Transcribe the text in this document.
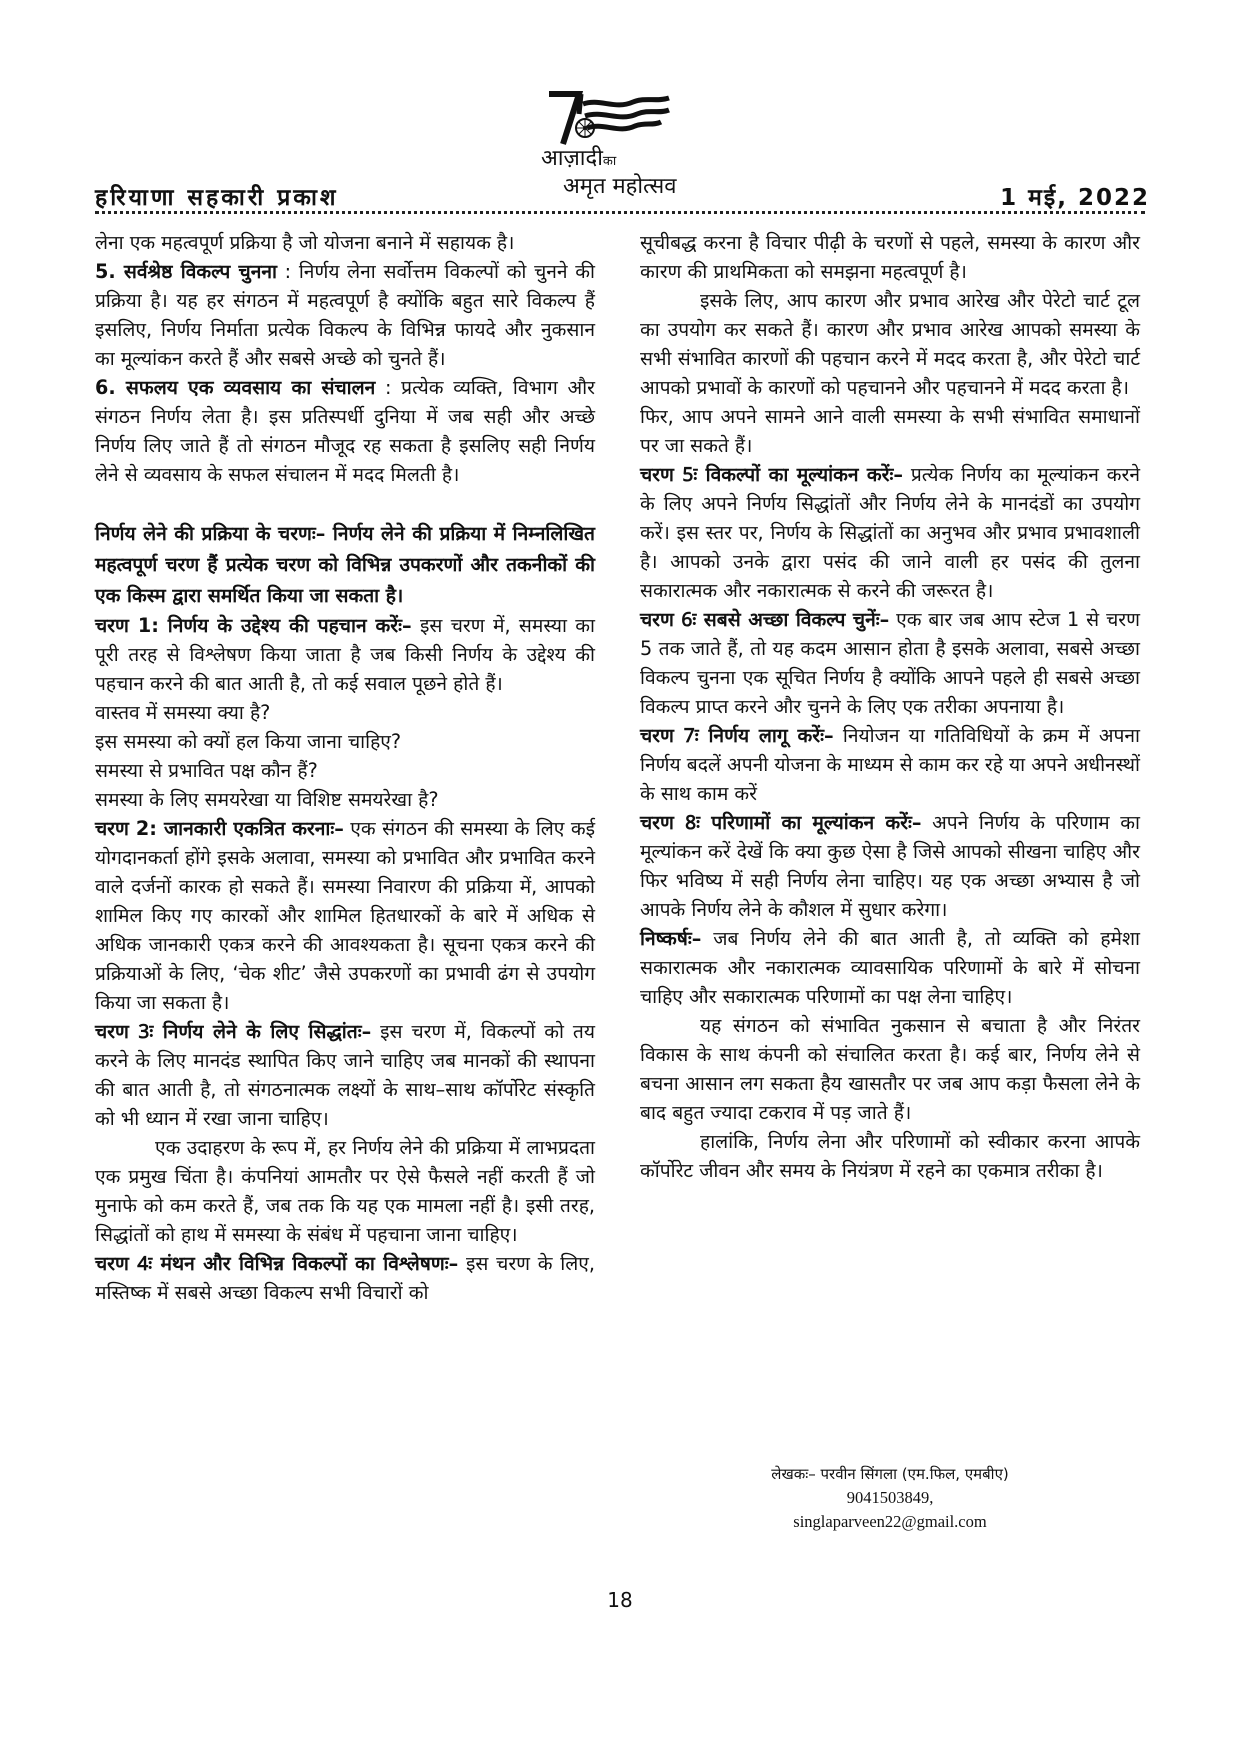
हरियाणा सहकारी प्रकाश
आज़ादीका
अमृत महोत्सव	1 मई, 2022

लेना एक महत्वपूर्ण प्रक्रिया है जो योजना बनाने में सहायक है।

5. सर्वश्रेष्ठ विकल्प चुनना : निर्णय लेना सर्वोत्तम विकल्पों को चुनने की प्रक्रिया है। यह हर संगठन में महत्वपूर्ण है क्योंकि बहुत सारे विकल्प हैं इसलिए, निर्णय निर्माता प्रत्येक विकल्प के विभिन्न फायदे और नुकसान का मूल्यांकन करते हैं और सबसे अच्छे को चुनते हैं।

6. सफलय एक व्यवसाय का संचालन : प्रत्येक व्यक्ति, विभाग और संगठन निर्णय लेता है। इस प्रतिस्पर्धी दुनिया में जब सही और अच्छे निर्णय लिए जाते हैं तो संगठन मौजूद रह सकता है इसलिए सही निर्णय लेने से व्यवसाय के सफल संचालन में मदद मिलती है।

निर्णय लेने की प्रक्रिया के चरणः– निर्णय लेने की प्रक्रिया में निम्नलिखित महत्वपूर्ण चरण हैं प्रत्येक चरण को विभिन्न उपकरणों और तकनीकों की एक किस्म द्वारा समर्थित किया जा सकता है।

चरण 1: निर्णय के उद्देश्य की पहचान करेंः– इस चरण में, समस्या का पूरी तरह से विश्लेषण किया जाता है जब किसी निर्णय के उद्देश्य की पहचान करने की बात आती है, तो कई सवाल पूछने होते हैं।

वास्तव में समस्या क्या है?

इस समस्या को क्यों हल किया जाना चाहिए?

समस्या से प्रभावित पक्ष कौन हैं?

समस्या के लिए समयरेखा या विशिष्ट समयरेखा है?

चरण 2: जानकारी एकत्रित करनाः– एक संगठन की समस्या के लिए कई योगदानकर्ता होंगे इसके अलावा, समस्या को प्रभावित और प्रभावित करने वाले दर्जनों कारक हो सकते हैं। समस्या निवारण की प्रक्रिया में, आपको शामिल किए गए कारकों और शामिल हितधारकों के बारे में अधिक से अधिक जानकारी एकत्र करने की आवश्यकता है। सूचना एकत्र करने की प्रक्रियाओं के लिए, ‘चेक शीट’ जैसे उपकरणों का प्रभावी ढंग से उपयोग किया जा सकता है।

चरण 3ः निर्णय लेने के लिए सिद्धांतः– इस चरण में, विकल्पों को तय करने के लिए मानदंड स्थापित किए जाने चाहिए जब मानकों की स्थापना की बात आती है, तो संगठनात्मक लक्ष्यों के साथ–साथ कॉर्पोरेट संस्कृति को भी ध्यान में रखा जाना चाहिए।

एक उदाहरण के रूप में, हर निर्णय लेने की प्रक्रिया में लाभप्रदता एक प्रमुख चिंता है। कंपनियां आमतौर पर ऐसे फैसले नहीं करती हैं जो मुनाफे को कम करते हैं, जब तक कि यह एक मामला नहीं है। इसी तरह, सिद्धांतों को हाथ में समस्या के संबंध में पहचाना जाना चाहिए।

चरण 4ः मंथन और विभिन्न विकल्पों का विश्लेषणः– इस चरण के लिए, मस्तिष्क में सबसे अच्छा विकल्प सभी विचारों को

सूचीबद्ध करना है विचार पीढ़ी के चरणों से पहले, समस्या के कारण और कारण की प्राथमिकता को समझना महत्वपूर्ण है।

इसके लिए, आप कारण और प्रभाव आरेख और पेरेटो चार्ट टूल का उपयोग कर सकते हैं। कारण और प्रभाव आरेख आपको समस्या के सभी संभावित कारणों की पहचान करने में मदद करता है, और पेरेटो चार्ट आपको प्रभावों के कारणों को पहचानने और पहचानने में मदद करता है।

फिर, आप अपने सामने आने वाली समस्या के सभी संभावित समाधानों पर जा सकते हैं।

चरण 5ः विकल्पों का मूल्यांकन करेंः– प्रत्येक निर्णय का मूल्यांकन करने के लिए अपने निर्णय सिद्धांतों और निर्णय लेने के मानदंडों का उपयोग करें। इस स्तर पर, निर्णय के सिद्धांतों का अनुभव और प्रभाव प्रभावशाली है। आपको उनके द्वारा पसंद की जाने वाली हर पसंद की तुलना सकारात्मक और नकारात्मक से करने की जरूरत है।

चरण 6ः सबसे अच्छा विकल्प चुनेंः– एक बार जब आप स्टेज 1 से चरण 5 तक जाते हैं, तो यह कदम आसान होता है इसके अलावा, सबसे अच्छा विकल्प चुनना एक सूचित निर्णय है क्योंकि आपने पहले ही सबसे अच्छा विकल्प प्राप्त करने और चुनने के लिए एक तरीका अपनाया है।

चरण 7ः निर्णय लागू करेंः– नियोजन या गतिविधियों के क्रम में अपना निर्णय बदलें अपनी योजना के माध्यम से काम कर रहे या अपने अधीनस्थों के साथ काम करें

चरण 8ः परिणामों का मूल्यांकन करेंः– अपने निर्णय के परिणाम का मूल्यांकन करें देखें कि क्या कुछ ऐसा है जिसे आपको सीखना चाहिए और फिर भविष्य में सही निर्णय लेना चाहिए। यह एक अच्छा अभ्यास है जो आपके निर्णय लेने के कौशल में सुधार करेगा।

निष्कर्षः– जब निर्णय लेने की बात आती है, तो व्यक्ति को हमेशा सकारात्मक और नकारात्मक व्यावसायिक परिणामों के बारे में सोचना चाहिए और सकारात्मक परिणामों का पक्ष लेना चाहिए।

यह संगठन को संभावित नुकसान से बचाता है और निरंतर विकास के साथ कंपनी को संचालित करता है। कई बार, निर्णय लेने से बचना आसान लग सकता हैय खासतौर पर जब आप कड़ा फैसला लेने के बाद बहुत ज्यादा टकराव में पड़ जाते हैं।

हालांकि, निर्णय लेना और परिणामों को स्वीकार करना आपके कॉर्पोरेट जीवन और समय के नियंत्रण में रहने का एकमात्र तरीका है।

लेखकः– परवीन सिंगला (एम.फिल, एमबीए)
9041503849,
singlaparveen22@gmail.com
18
